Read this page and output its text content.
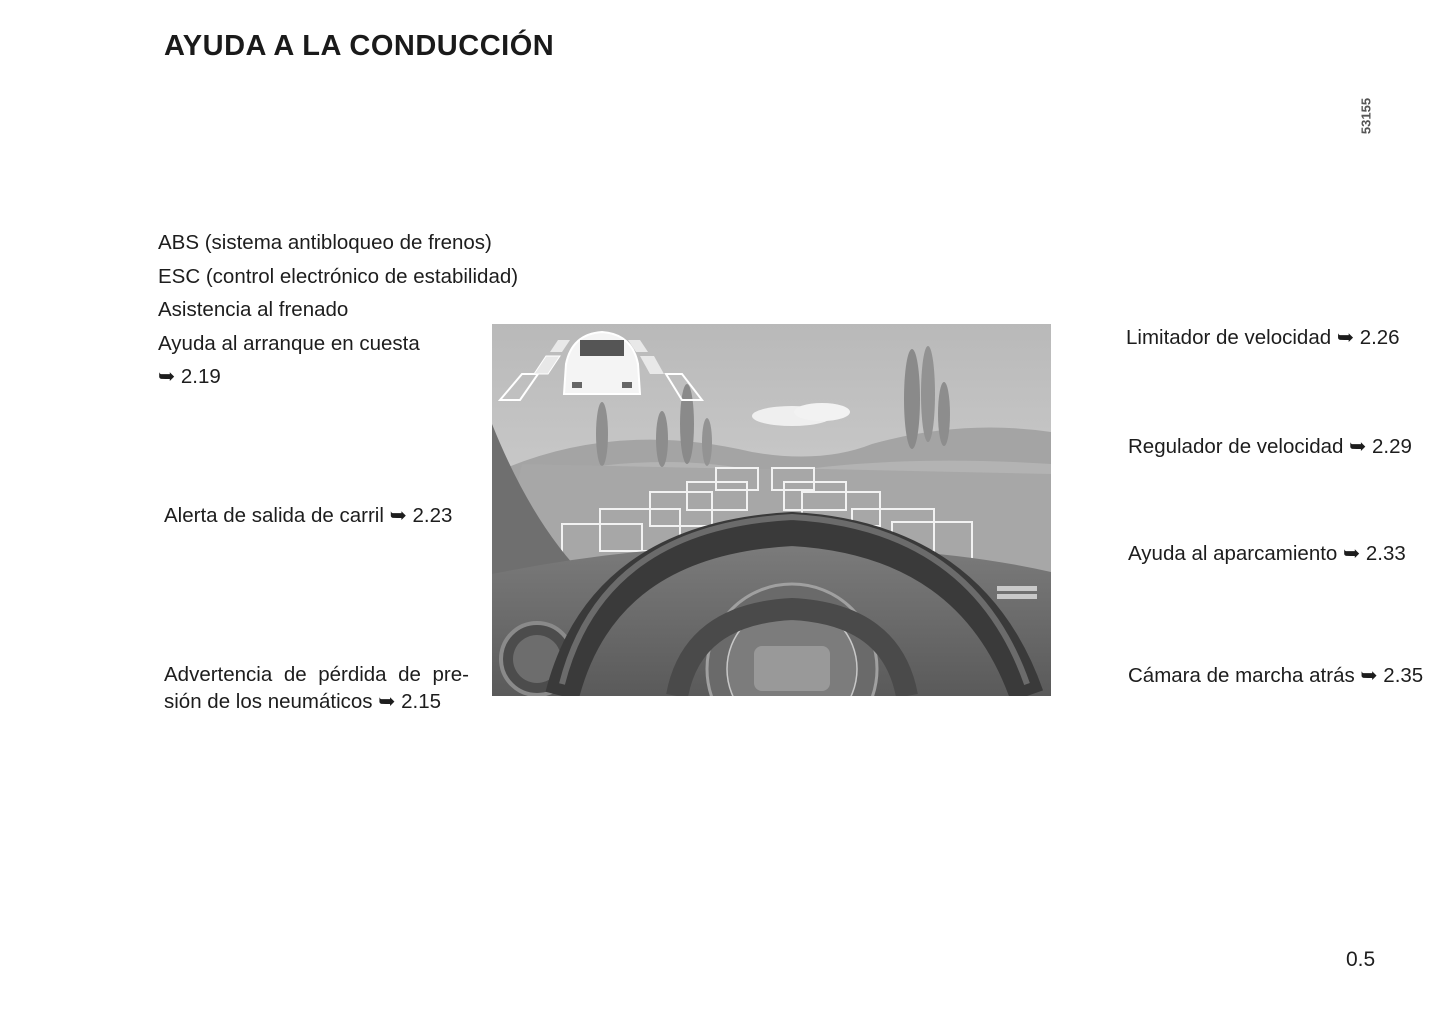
AYUDA A LA CONDUCCIÓN
53155
ABS (sistema antibloqueo de frenos)
ESC (control electrónico de estabilidad)
Asistencia al frenado
Ayuda al arranque en cuesta
➥ 2.19
Alerta de salida de carril ➥ 2.23
Advertencia de pérdida de pre-
sión de los neumáticos ➥ 2.15
Limitador de velocidad ➥ 2.26
Regulador de velocidad ➥ 2.29
Ayuda al aparcamiento ➥ 2.33
Cámara de marcha atrás ➥ 2.35
0.5
